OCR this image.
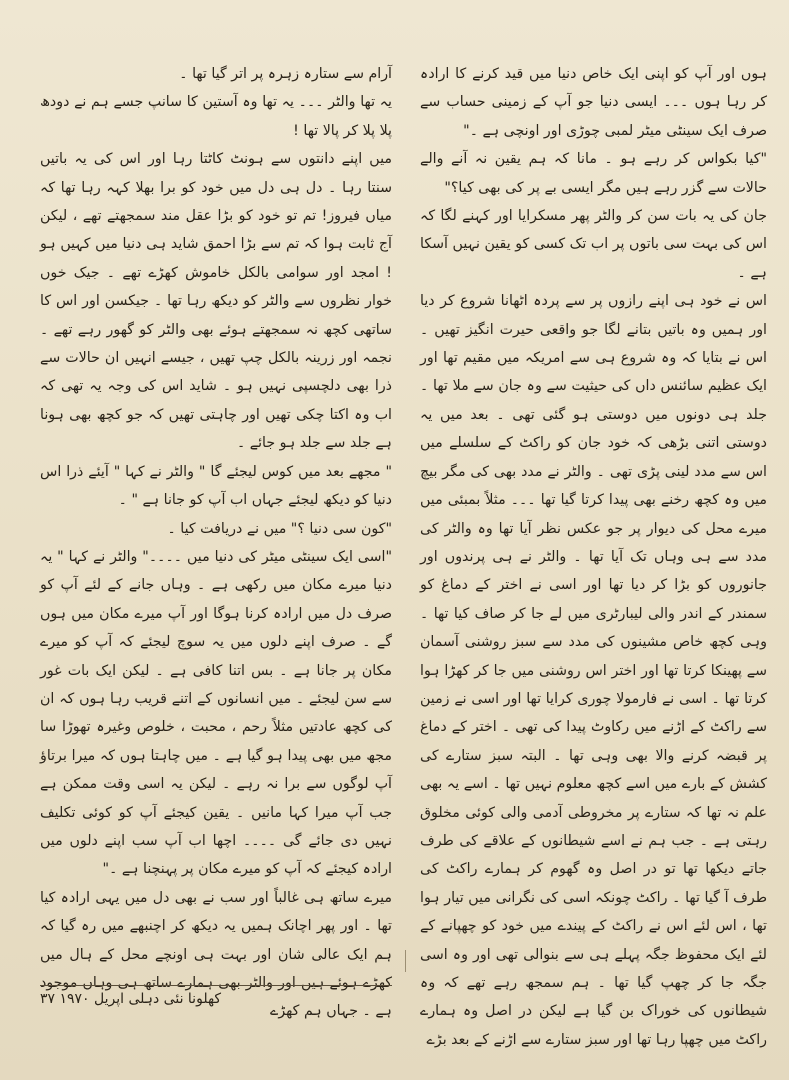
ہوں اور آپ کو اپنی ایک خاص دنیا میں قید کرنے کا ارادہ کر رہا ہوں ۔۔۔ ایسی دنیا جو آپ کے زمینی حساب سے صرف ایک سینٹی میٹر لمبی چوڑی اور اونچی ہے ۔"
"کیا بکواس کر رہے ہو ۔ مانا کہ ہم یقین نہ آنے والے حالات سے گزر رہے ہیں مگر ایسی بے پر کی بھی کیا؟"
جان کی یہ بات سن کر والٹر پھر مسکرایا اور کہنے لگا کہ اس کی بہت سی باتوں پر اب تک کسی کو یقین نہیں آسکا ہے ۔
اس نے خود ہی اپنے رازوں پر سے پردہ اٹھانا شروع کر دیا اور ہمیں وہ باتیں بتانے لگا جو واقعی حیرت انگیز تھیں ۔ اس نے بتایا کہ وہ شروع ہی سے امریکہ میں مقیم تھا اور ایک عظیم سائنس داں کی حیثیت سے وہ جان سے ملا تھا ۔ جلد ہی دونوں میں دوستی ہو گئی تھی ۔ بعد میں یہ دوستی اتنی بڑھی کہ خود جان کو راکٹ کے سلسلے میں اس سے مدد لینی پڑی تھی ۔ والٹر نے مدد بھی کی مگر بیچ میں وہ کچھ رخنے بھی پیدا کرتا گیا تھا ۔۔۔ مثلاً بمبئی میں میرے محل کی دیوار پر جو عکس نظر آیا تھا وہ والٹر کی مدد سے ہی وہاں تک آیا تھا ۔ والٹر نے ہی پرندوں اور جانوروں کو بڑا کر دیا تھا اور اسی نے اختر کے دماغ کو سمندر کے اندر والی لیبارٹری میں لے جا کر صاف کیا تھا ۔ وہی کچھ خاص مشینوں کی مدد سے سبز روشنی آسمان سے پھینکا کرتا تھا اور اختر اس روشنی میں جا کر کھڑا ہوا کرتا تھا ۔ اسی نے فارمولا چوری کرایا تھا اور اسی نے زمین سے راکٹ کے اڑنے میں رکاوٹ پیدا کی تھی ۔ اختر کے دماغ پر قبضہ کرنے والا بھی وہی تھا ۔ البتہ سبز ستارے کی کشش کے بارے میں اسے کچھ معلوم نہیں تھا ۔ اسے یہ بھی علم نہ تھا کہ ستارے پر مخروطی آدمی والی کوئی مخلوق رہتی ہے ۔ جب ہم نے اسے شیطانوں کے علاقے کی طرف جاتے دیکھا تھا تو در اصل وہ گھوم کر ہمارے راکٹ کی طرف آ گیا تھا ۔ راکٹ چونکہ اسی کی نگرانی میں تیار ہوا تھا ، اس لئے اس نے راکٹ کے پیندے میں خود کو چھپانے کے لئے ایک محفوظ جگہ پہلے ہی سے بنوالی تھی اور وہ اسی جگہ جا کر چھپ گیا تھا ۔ ہم سمجھ رہے تھے کہ وہ شیطانوں کی خوراک بن گیا ہے لیکن در اصل وہ ہمارے راکٹ میں چھپا رہا تھا اور سبز ستارے سے اڑنے کے بعد بڑے

آرام سے ستارہ زہرہ پر اتر گیا تھا ۔
یہ تھا والٹر ۔۔۔ یہ تھا وہ آستین کا سانپ جسے ہم نے دودھ پلا پلا کر پالا تھا !
میں اپنے دانتوں سے ہونٹ کاٹتا رہا اور اس کی یہ باتیں سنتا رہا ۔ دل ہی دل میں خود کو برا بھلا کہہ رہا تھا کہ میاں فیروز! تم تو خود کو بڑا عقل مند سمجھتے تھے ، لیکن آج ثابت ہوا کہ تم سے بڑا احمق شاید ہی دنیا میں کہیں ہو ! امجد اور سوامی بالکل خاموش کھڑے تھے ۔ جیک خوں خوار نظروں سے والٹر کو دیکھ رہا تھا ۔ جیکسن اور اس کا ساتھی کچھ نہ سمجھتے ہوئے بھی والٹر کو گھور رہے تھے ۔ نجمہ اور زرینہ بالکل چپ تھیں ، جیسے انہیں ان حالات سے ذرا بھی دلچسپی نہیں ہو ۔ شاید اس کی وجہ یہ تھی کہ اب وہ اکتا چکی تھیں اور چاہتی تھیں کہ جو کچھ بھی ہونا ہے جلد سے جلد ہو جائے ۔
" مجھے بعد میں کوس لیجئے گا " والٹر نے کہا " آیئے ذرا اس دنیا کو دیکھ لیجئے جہاں اب آپ کو جانا ہے " ۔
"کون سی دنیا ؟" میں نے دریافت کیا ۔
"اسی ایک سینٹی میٹر کی دنیا میں ۔۔۔۔" والٹر نے کہا " یہ دنیا میرے مکان میں رکھی ہے ۔ وہاں جانے کے لئے آپ کو صرف دل میں ارادہ کرنا ہوگا اور آپ میرے مکان میں ہوں گے ۔ صرف اپنے دلوں میں یہ سوچ لیجئے کہ آپ کو میرے مکان پر جانا ہے ۔ بس اتنا کافی ہے ۔ لیکن ایک بات غور سے سن لیجئے ۔ میں انسانوں کے اتنے قریب رہا ہوں کہ ان کی کچھ عادتیں مثلاً رحم ، محبت ، خلوص وغیرہ تھوڑا سا مجھ میں بھی پیدا ہو گیا ہے ۔ میں چاہتا ہوں کہ میرا برتاؤ آپ لوگوں سے برا نہ رہے ۔ لیکن یہ اسی وقت ممکن ہے جب آپ میرا کہا مانیں ۔ یقین کیجئے آپ کو کوئی تکلیف نہیں دی جائے گی ۔۔۔۔ اچھا اب آپ سب اپنے دلوں میں ارادہ کیجئے کہ آپ کو میرے مکان پر پہنچنا ہے ۔"
میرے ساتھ ہی غالباً اور سب نے بھی دل میں یہی ارادہ کیا تھا ۔ اور پھر اچانک ہمیں یہ دیکھ کر اچنبھے میں رہ گیا کہ ہم ایک عالی شان اور بہت ہی اونچے محل کے ہال میں کھڑے ہوئے ہیں اور والٹر بھی ہمارے ساتھ ہی وہاں موجود ہے ۔ جہاں ہم کھڑے

کھلونا نئی دہلی اپریل ۱۹۷۰ ۳۷
